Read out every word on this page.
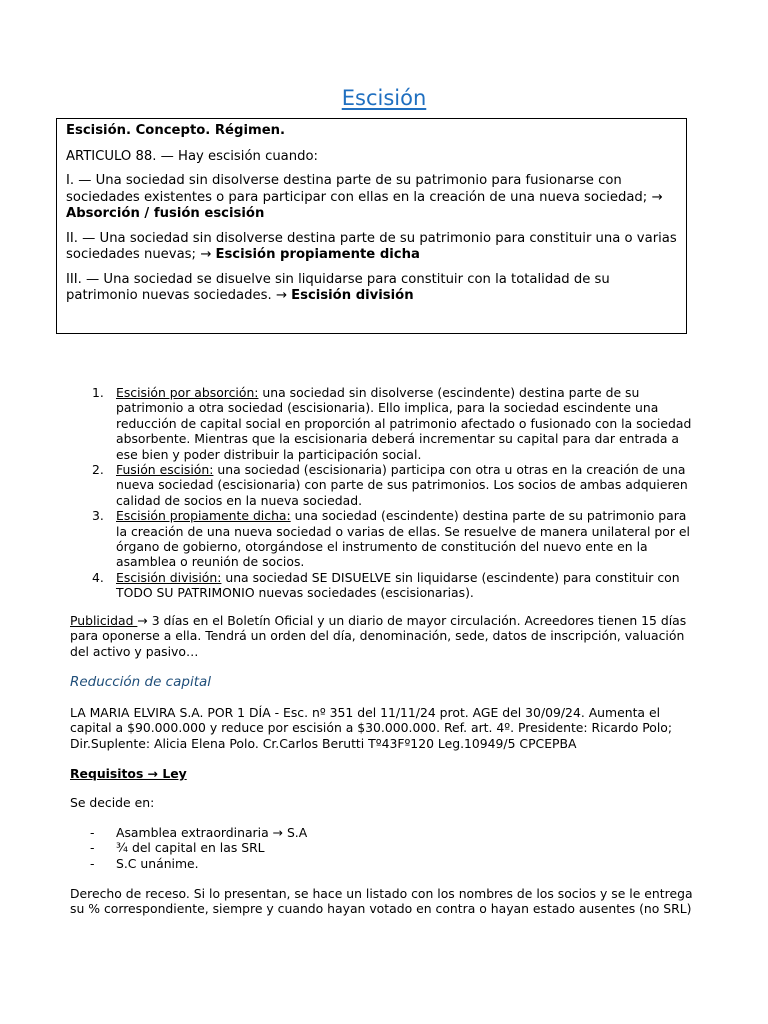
Escisión

Escisión. Concepto. Régimen.

ARTICULO 88. — Hay escisión cuando:

I. — Una sociedad sin disolverse destina parte de su patrimonio para fusionarse con sociedades existentes o para participar con ellas en la creación de una nueva sociedad; → Absorción / fusión escisión

II. — Una sociedad sin disolverse destina parte de su patrimonio para constituir una o varias sociedades nuevas; → Escisión propiamente dicha

III. — Una sociedad se disuelve sin liquidarse para constituir con la totalidad de su patrimonio nuevas sociedades. → Escisión división

1. Escisión por absorción: una sociedad sin disolverse (escindente) destina parte de su patrimonio a otra sociedad (escisionaria). Ello implica, para la sociedad escindente una reducción de capital social en proporción al patrimonio afectado o fusionado con la sociedad absorbente. Mientras que la escisionaria deberá incrementar su capital para dar entrada a ese bien y poder distribuir la participación social.
2. Fusión escisión: una sociedad (escisionaria) participa con otra u otras en la creación de una nueva sociedad (escisionaria) con parte de sus patrimonios. Los socios de ambas adquieren calidad de socios en la nueva sociedad.
3. Escisión propiamente dicha: una sociedad (escindente) destina parte de su patrimonio para la creación de una nueva sociedad o varias de ellas. Se resuelve de manera unilateral por el órgano de gobierno, otorgándose el instrumento de constitución del nuevo ente en la asamblea o reunión de socios.
4. Escisión división: una sociedad SE DISUELVE sin liquidarse (escindente) para constituir con TODO SU PATRIMONIO nuevas sociedades (escisionarias).

Publicidad → 3 días en el Boletín Oficial y un diario de mayor circulación. Acreedores tienen 15 días para oponerse a ella. Tendrá un orden del día, denominación, sede, datos de inscripción, valuación del activo y pasivo…

Reducción de capital

LA MARIA ELVIRA S.A. POR 1 DÍA - Esc. nº 351 del 11/11/24 prot. AGE del 30/09/24. Aumenta el capital a $90.000.000 y reduce por escisión a $30.000.000. Ref. art. 4º. Presidente: Ricardo Polo; Dir.Suplente: Alicia Elena Polo. Cr.Carlos Berutti Tº43Fº120 Leg.10949/5 CPCEPBA

Requisitos → Ley

Se decide en:

- Asamblea extraordinaria → S.A
- ¾ del capital en las SRL
- S.C unánime.

Derecho de receso. Si lo presentan, se hace un listado con los nombres de los socios y se le entrega su % correspondiente, siempre y cuando hayan votado en contra o hayan estado ausentes (no SRL)
